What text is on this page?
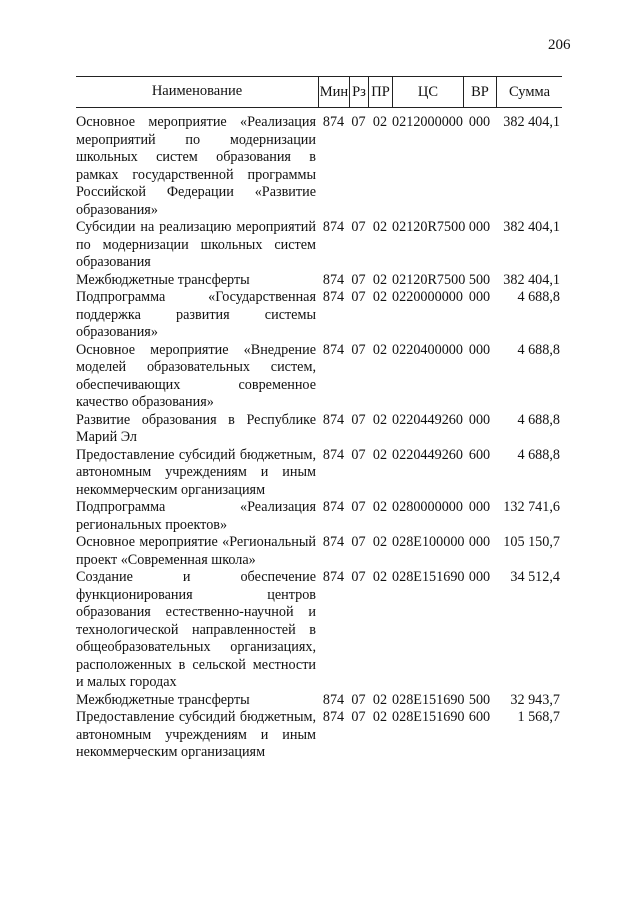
206
Наименование	Мин Рз ПР	ЦС	ВР	Сумма
Основное мероприятие «Реализация мероприятий по модернизации школьных систем образования в рамках государственной программы Российской Федерации «Развитие образования»
874 07 02 0212000000 000 382 404,1
Субсидии на реализацию мероприятий по модернизации школьных систем образования
874 07 02 02120R7500 000 382 404,1
Межбюджетные трансферты	874 07 02 02120R7500 500 382 404,1
Подпрограмма «Государственная поддержка развития системы образования»
874 07 02 0220000000 000	4 688,8
Основное мероприятие «Внедрение моделей образовательных систем, обеспечивающих современное качество образования»
874 07 02 0220400000 000	4 688,8
Развитие образования в Республике Марий Эл
874 07 02 0220449260 000	4 688,8
Предоставление субсидий бюджетным, автономным учреждениям и иным некоммерческим организациям
874 07 02 0220449260 600	4 688,8
Подпрограмма «Реализация региональных проектов»
874 07 02 0280000000 000 132 741,6
Основное мероприятие «Региональный проект «Современная школа»
874 07 02 028E100000 000 105 150,7
Создание и обеспечение функционирования центров образования естественно-научной и технологической направленностей в общеобразовательных организациях, расположенных в сельской местности и малых городах
874 07 02 028E151690 000	34 512,4
Межбюджетные трансферты	874 07 02 028E151690 500	32 943,7
Предоставление субсидий бюджетным, автономным учреждениям и иным некоммерческим организациям
874 07 02 028E151690 600	1 568,7
